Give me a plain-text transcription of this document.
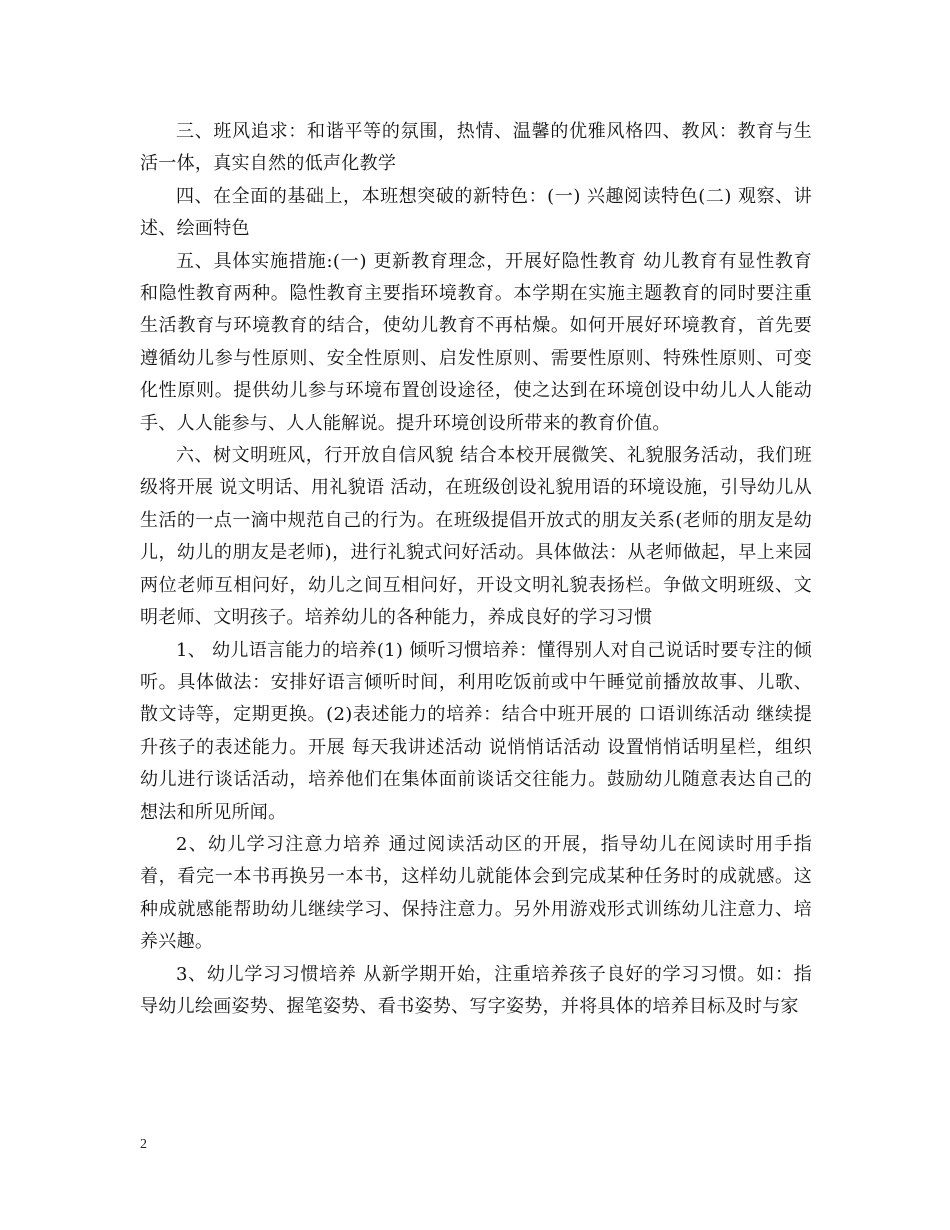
三、班风追求：和谐平等的氛围，热情、温馨的优雅风格四、教风：教育与生活一体，真实自然的低声化教学

四、在全面的基础上，本班想突破的新特色：(一) 兴趣阅读特色(二) 观察、讲述、绘画特色

五、具体实施措施:(一) 更新教育理念，开展好隐性教育 幼儿教育有显性教育和隐性教育两种。隐性教育主要指环境教育。本学期在实施主题教育的同时要注重生活教育与环境教育的结合，使幼儿教育不再枯燥。如何开展好环境教育，首先要遵循幼儿参与性原则、安全性原则、启发性原则、需要性原则、特殊性原则、可变化性原则。提供幼儿参与环境布置创设途径，使之达到在环境创设中幼儿人人能动手、人人能参与、人人能解说。提升环境创设所带来的教育价值。

六、树文明班风，行开放自信风貌 结合本校开展微笑、礼貌服务活动，我们班级将开展 说文明话、用礼貌语 活动，在班级创设礼貌用语的环境设施，引导幼儿从生活的一点一滴中规范自己的行为。在班级提倡开放式的朋友关系(老师的朋友是幼儿，幼儿的朋友是老师)，进行礼貌式问好活动。具体做法：从老师做起，早上来园两位老师互相问好，幼儿之间互相问好，开设文明礼貌表扬栏。争做文明班级、文明老师、文明孩子。培养幼儿的各种能力，养成良好的学习习惯

1、 幼儿语言能力的培养(1) 倾听习惯培养：懂得别人对自己说话时要专注的倾听。具体做法：安排好语言倾听时间，利用吃饭前或中午睡觉前播放故事、儿歌、散文诗等，定期更换。(2)表述能力的培养：结合中班开展的 口语训练活动 继续提升孩子的表述能力。开展 每天我讲述活动 说悄悄话活动 设置悄悄话明星栏，组织幼儿进行谈话活动，培养他们在集体面前谈话交往能力。鼓励幼儿随意表达自己的想法和所见所闻。

2、幼儿学习注意力培养 通过阅读活动区的开展，指导幼儿在阅读时用手指着，看完一本书再换另一本书，这样幼儿就能体会到完成某种任务时的成就感。这种成就感能帮助幼儿继续学习、保持注意力。另外用游戏形式训练幼儿注意力、培养兴趣。

3、幼儿学习习惯培养 从新学期开始，注重培养孩子良好的学习习惯。如：指导幼儿绘画姿势、握笔姿势、看书姿势、写字姿势，并将具体的培养目标及时与家

2
